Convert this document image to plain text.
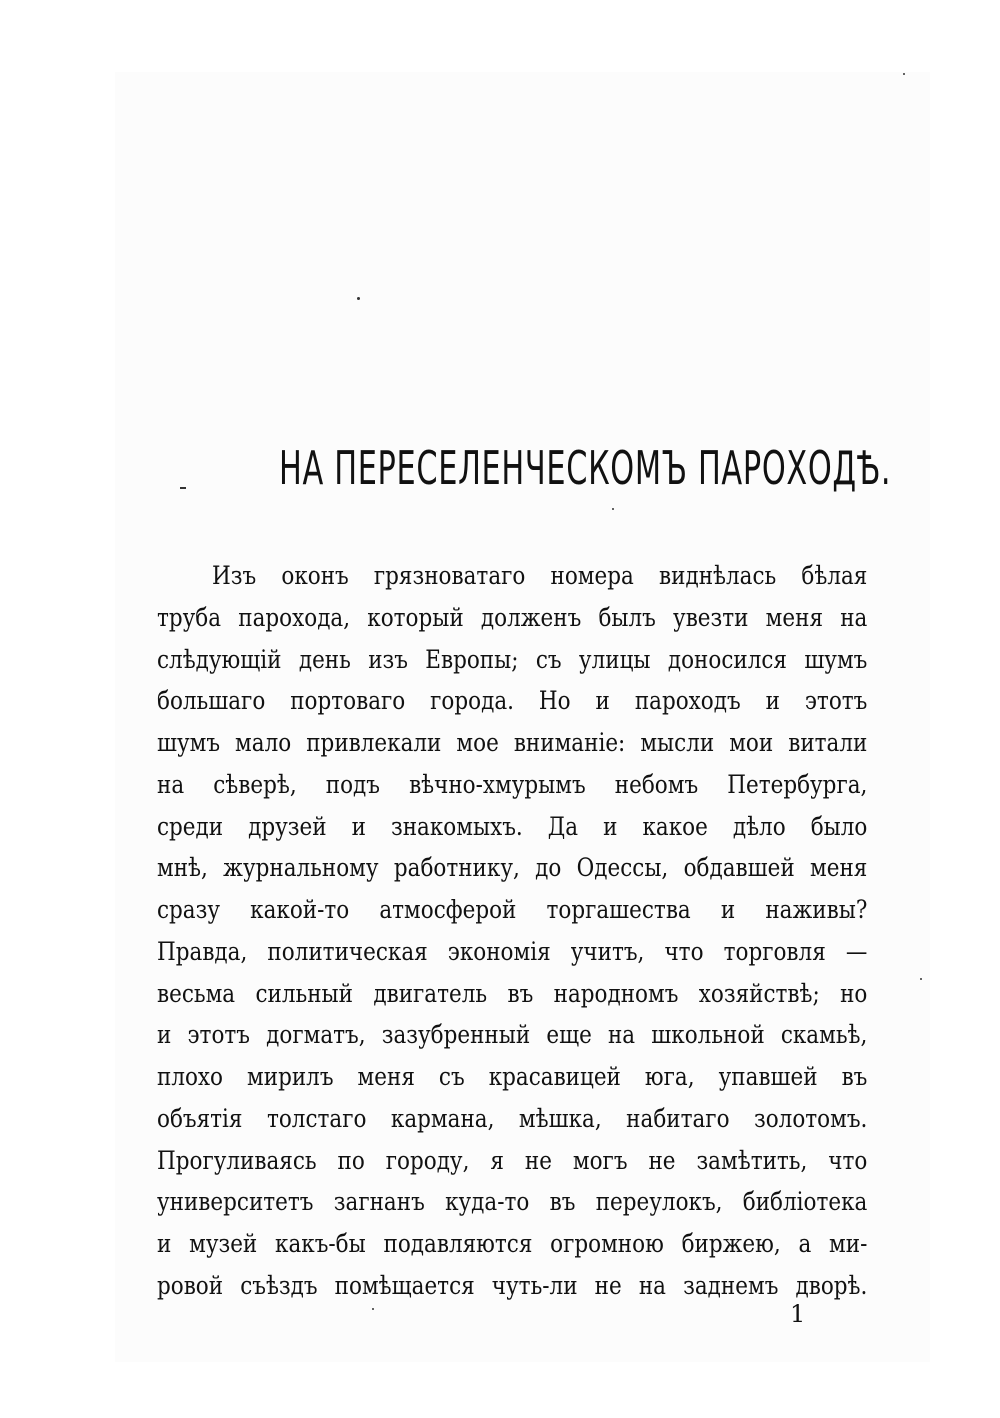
НА ПЕРЕСЕЛЕНЧЕСКОМЪ ПАРОХОДѢ.
Изъ оконъ грязноватаго номера виднѣлась бѣлая
труба парохода, который долженъ былъ увезти меня на
слѣдующій день изъ Европы; съ улицы доносился шумъ
большаго портоваго города. Но и пароходъ и этотъ
шумъ мало привлекали мое вниманіе: мысли мои витали
на сѣверѣ, подъ вѣчно-хмурымъ небомъ Петербурга,
среди друзей и знакомыхъ. Да и какое дѣло было
мнѣ, журнальному работнику, до Одессы, обдавшей меня
сразу какой-то атмосферой торгашества и наживы?
Правда, политическая экономія учитъ, что торговля —
весьма сильный двигатель въ народномъ хозяйствѣ; но
и этотъ догматъ, зазубренный еще на школьной скамьѣ,
плохо мирилъ меня съ красавицей юга, упавшей въ
объятія толстаго кармана, мѣшка, набитаго золотомъ.
Прогуливаясь по городу, я не могъ не замѣтить, что
университетъ загнанъ куда-то въ переулокъ, библіотека
и музей какъ-бы подавляются огромною биржею, а ми-
ровой съѣздъ помѣщается чуть-ли не на заднемъ дворѣ.
1
